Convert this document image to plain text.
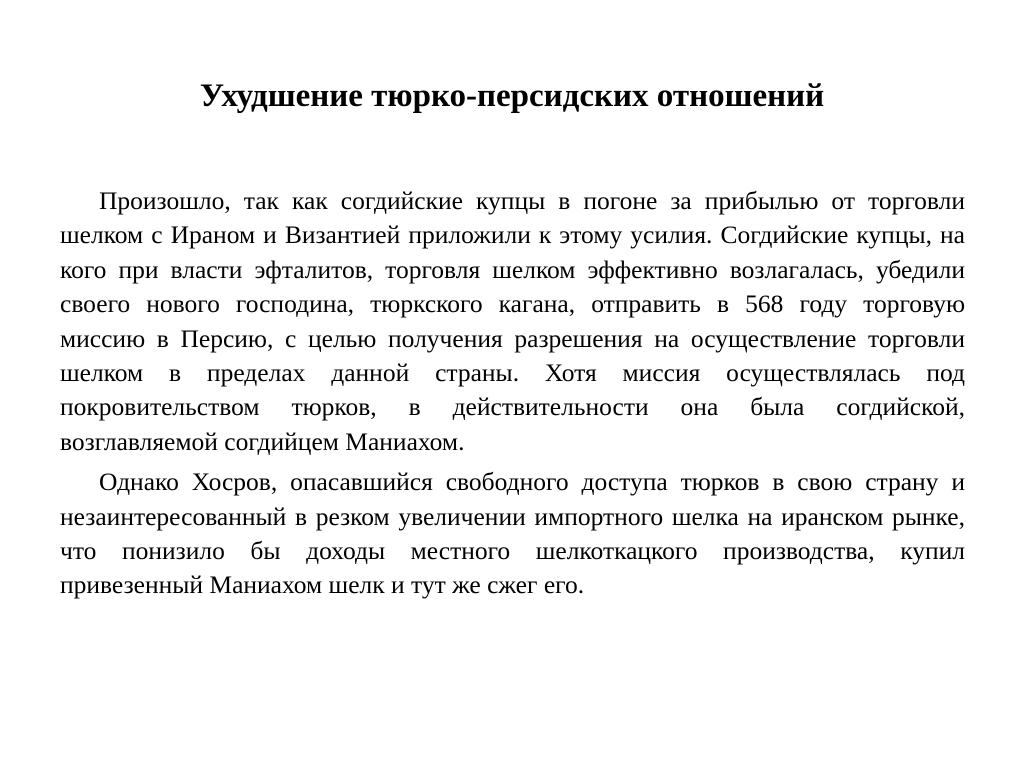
Ухудшение тюрко-персидских отношений

Произошло, так как согдийские купцы в погоне за прибылью от торговли шелком с Ираном и Византией приложили к этому усилия. Согдийские купцы, на кого при власти эфталитов, торговля шелком эффективно возлагалась, убедили своего нового господина, тюркского кагана, отправить в 568 году торговую миссию в Персию, с целью получения разрешения на осуществление торговли шелком в пределах данной страны. Хотя миссия осуществлялась под покровительством тюрков, в действительности она была согдийской, возглавляемой согдийцем Маниахом.

Однако Хосров, опасавшийся свободного доступа тюрков в свою страну и незаинтересованный в резком увеличении импортного шелка на иранском рынке, что понизило бы доходы местного шелкоткацкого производства, купил привезенный Маниахом шелк и тут же сжег его.
